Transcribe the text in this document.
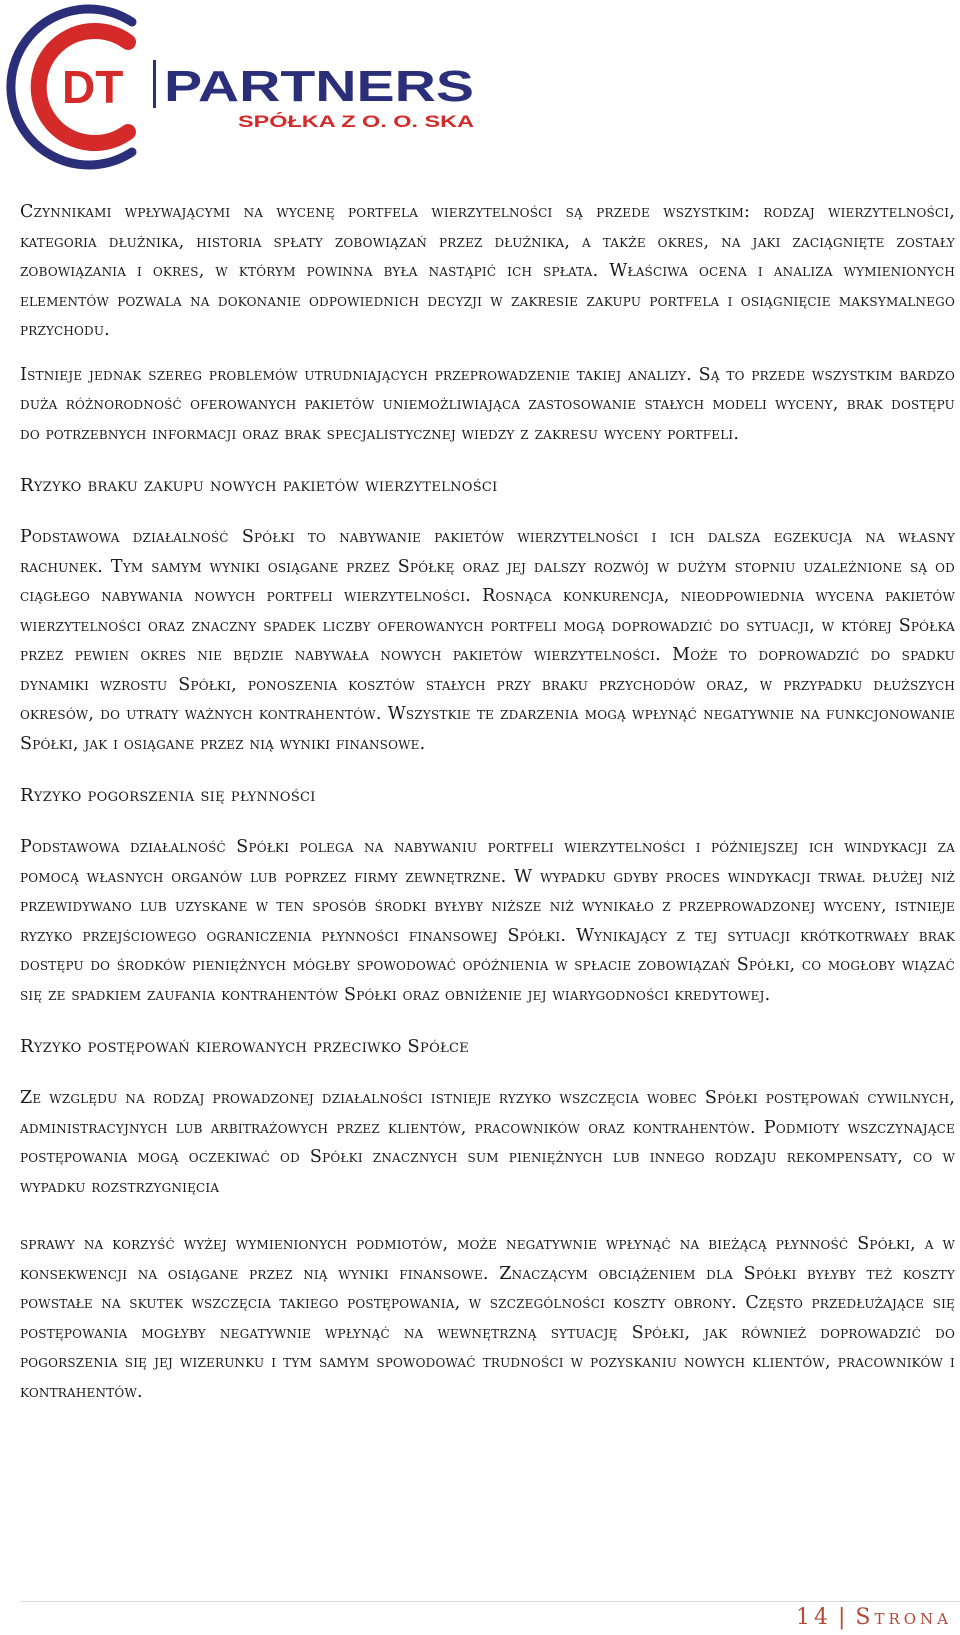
DT PARTNERS
SPÓŁKA Z O. O. SKA

Czynnikami wpływającymi na wycenę portfela wierzytelności są przede wszystkim: rodzaj wierzytelności, kategoria dłużnika, historia spłaty zobowiązań przez dłużnika, a także okres, na jaki zaciągnięte zostały zobowiązania i okres, w którym powinna była nastąpić ich spłata. Właściwa ocena i analiza wymienionych elementów pozwala na dokonanie odpowiednich decyzji w zakresie zakupu portfela i osiągnięcie maksymalnego przychodu.

Istnieje jednak szereg problemów utrudniających przeprowadzenie takiej analizy. Są to przede wszystkim bardzo duża różnorodność oferowanych pakietów uniemożliwiająca zastosowanie stałych modeli wyceny, brak dostępu do potrzebnych informacji oraz brak specjalistycznej wiedzy z zakresu wyceny portfeli.

Ryzyko braku zakupu nowych pakietów wierzytelności

Podstawowa działalność Spółki to nabywanie pakietów wierzytelności i ich dalsza egzekucja na własny rachunek. Tym samym wyniki osiągane przez Spółkę oraz jej dalszy rozwój w dużym stopniu uzależnione są od ciągłego nabywania nowych portfeli wierzytelności. Rosnąca konkurencja, nieodpowiednia wycena pakietów wierzytelności oraz znaczny spadek liczby oferowanych portfeli mogą doprowadzić do sytuacji, w której Spółka przez pewien okres nie będzie nabywała nowych pakietów wierzytelności. Może to doprowadzić do spadku dynamiki wzrostu Spółki, ponoszenia kosztów stałych przy braku przychodów oraz, w przypadku dłuższych okresów, do utraty ważnych kontrahentów. Wszystkie te zdarzenia mogą wpłynąć negatywnie na funkcjonowanie Spółki, jak i osiągane przez nią wyniki finansowe.

Ryzyko pogorszenia się płynności

Podstawowa działalność Spółki polega na nabywaniu portfeli wierzytelności i późniejszej ich windykacji za pomocą własnych organów lub poprzez firmy zewnętrzne. W wypadku gdyby proces windykacji trwał dłużej niż przewidywano lub uzyskane w ten sposób środki byłyby niższe niż wynikało z przeprowadzonej wyceny, istnieje ryzyko przejściowego ograniczenia płynności finansowej Spółki. Wynikający z tej sytuacji krótkotrwały brak dostępu do środków pieniężnych mógłby spowodować opóźnienia w spłacie zobowiązań Spółki, co mogłoby wiązać się ze spadkiem zaufania kontrahentów Spółki oraz obniżenie jej wiarygodności kredytowej.

Ryzyko postępowań kierowanych przeciwko Spółce

Ze względu na rodzaj prowadzonej działalności istnieje ryzyko wszczęcia wobec Spółki postępowań cywilnych, administracyjnych lub arbitrażowych przez klientów, pracowników oraz kontrahentów. Podmioty wszczynające postępowania mogą oczekiwać od Spółki znacznych sum pieniężnych lub innego rodzaju rekompensaty, co w wypadku rozstrzygnięcia

sprawy na korzyść wyżej wymienionych podmiotów, może negatywnie wpłynąć na bieżącą płynność Spółki, a w konsekwencji na osiągane przez nią wyniki finansowe. Znaczącym obciążeniem dla Spółki byłyby też koszty powstałe na skutek wszczęcia takiego postępowania, w szczególności koszty obrony. Często przedłużające się postępowania mogłyby negatywnie wpłynąć na wewnętrzną sytuację Spółki, jak również doprowadzić do pogorszenia się jej wizerunku i tym samym spowodować trudności w pozyskaniu nowych klientów, pracowników i kontrahentów.

14 | Strona
